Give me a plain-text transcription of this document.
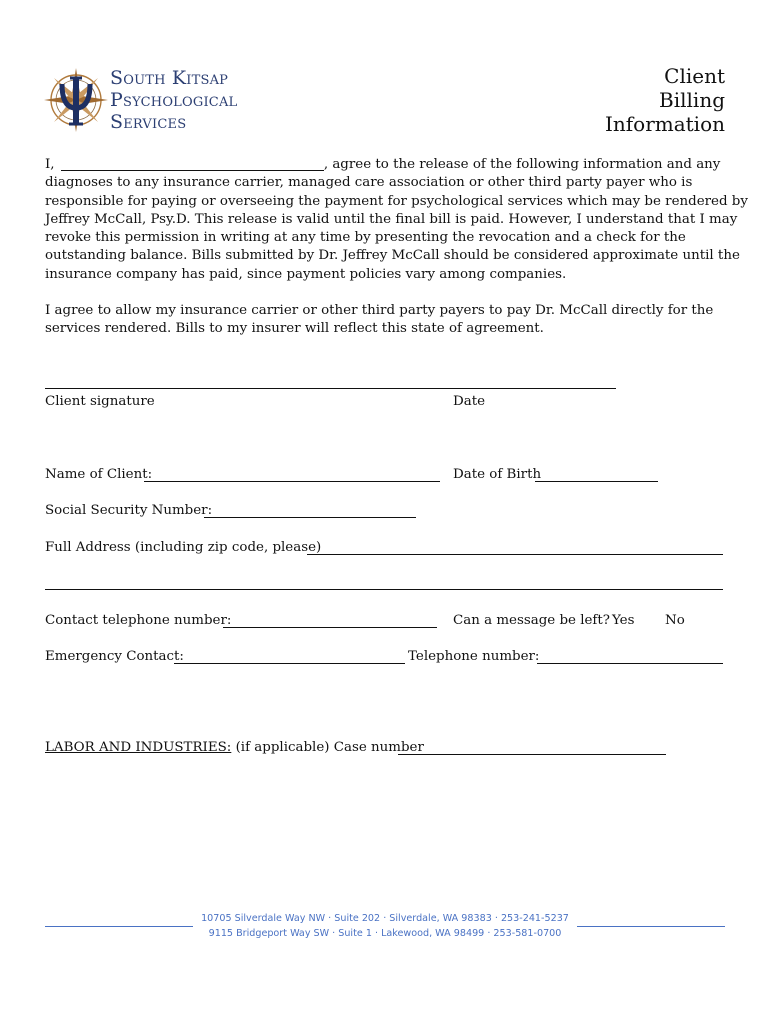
South Kitsap
Psychological
Services
Client
Billing
Information
I,	, agree to the release of the following information and any
diagnoses to any insurance carrier, managed care association or other third party payer who is
responsible for paying or overseeing the payment for psychological services which may be rendered by
Jeffrey McCall, Psy.D. This release is valid until the final bill is paid. However, I understand that I may
revoke this permission in writing at any time by presenting the revocation and a check for the
outstanding balance. Bills submitted by Dr. Jeffrey McCall should be considered approximate until the
insurance company has paid, since payment policies vary among companies.
I agree to allow my insurance carrier or other third party payers to pay Dr. McCall directly for the
services rendered. Bills to my insurer will reflect this state of agreement.
Client signature	Date
Name of Client:	Date of Birth
Social Security Number:
Full Address (including zip code, please)
Contact telephone number:	Can a message be left? Yes No
Emergency Contact:	Telephone number:
LABOR AND INDUSTRIES: (if applicable) Case number
10705 Silverdale Way NW · Suite 202 · Silverdale, WA 98383 · 253-241-5237
9115 Bridgeport Way SW · Suite 1 · Lakewood, WA 98499 · 253-581-0700
